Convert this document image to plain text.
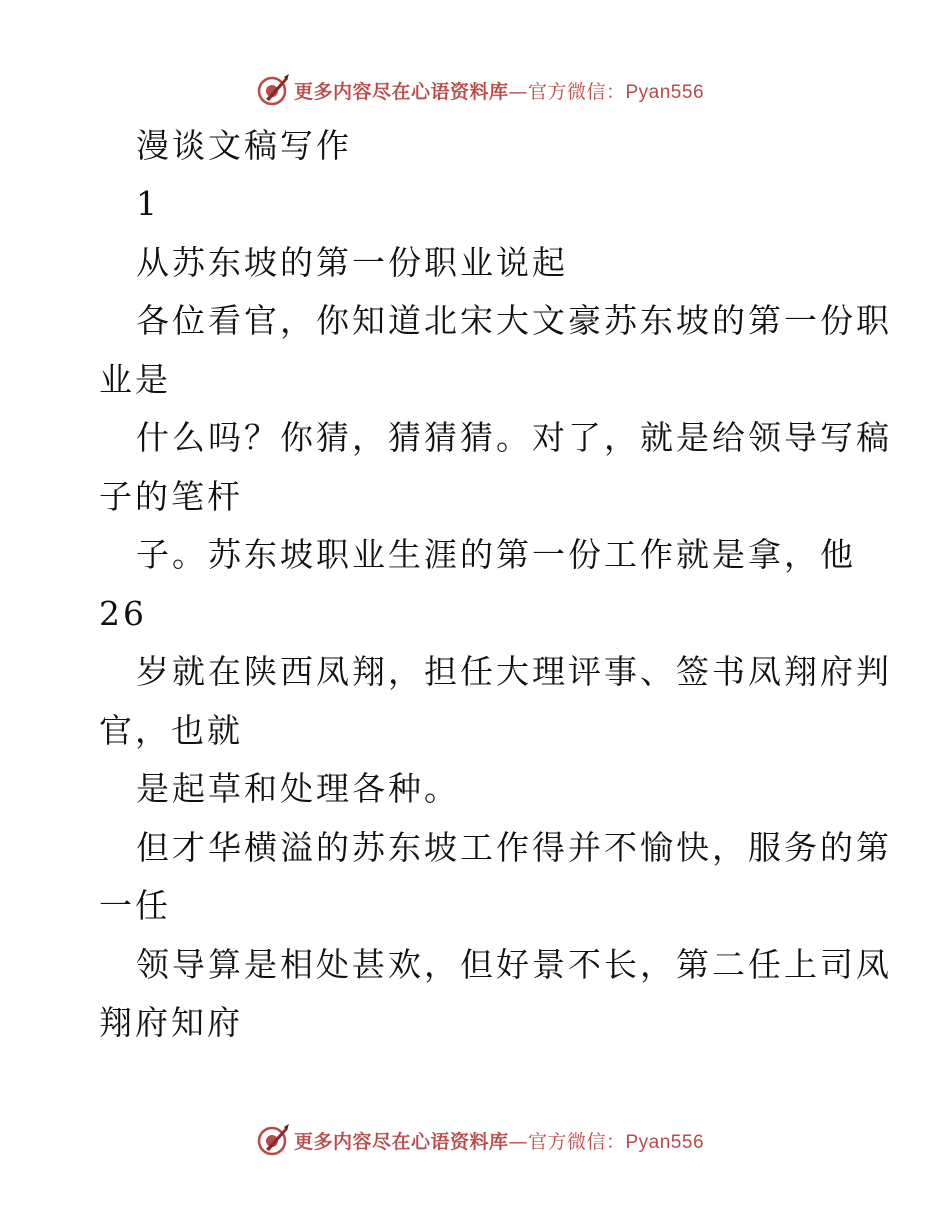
更多内容尽在心语资料库—官方微信：Pyan556
漫谈文稿写作
1
从苏东坡的第一份职业说起
各位看官，你知道北宋大文豪苏东坡的第一份职
业是
什么吗？你猜，猜猜猜。对了，就是给领导写稿
子的笔杆
子。苏东坡职业生涯的第一份工作就是拿，他
26
岁就在陕西凤翔，担任大理评事、签书凤翔府判
官，也就
是起草和处理各种。
但才华横溢的苏东坡工作得并不愉快，服务的第
一任
领导算是相处甚欢，但好景不长，第二任上司凤
翔府知府
更多内容尽在心语资料库—官方微信：Pyan556
